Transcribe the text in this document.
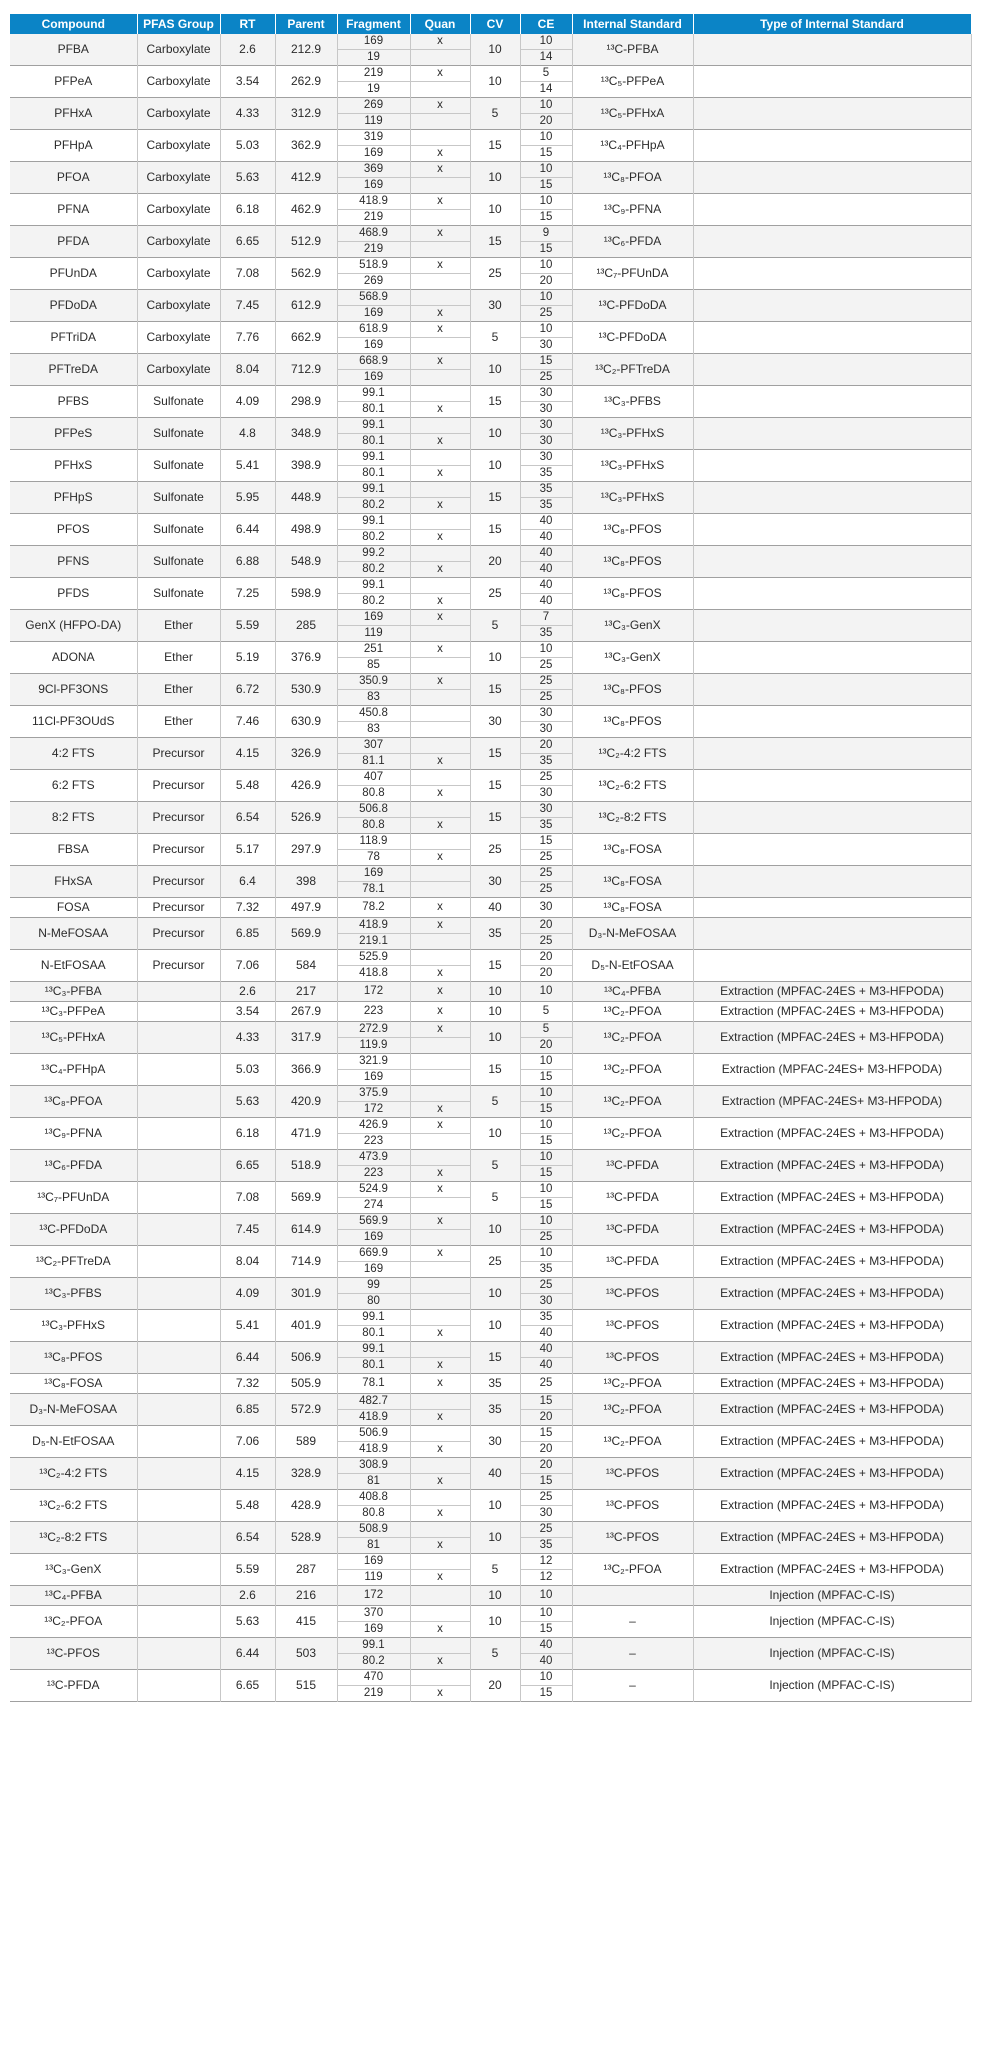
Compound	PFAS Group	RT	Parent	Fragment	Quan	CV	CE	Internal Standard	Type of Internal Standard
PFBA	Carboxylate	2.6	212.9	169	x	10	10	¹³C-PFBA	
				19			14		
PFPeA	Carboxylate	3.54	262.9	219	x	10	5	¹³C₅-PFPeA	
				19			14		
PFHxA	Carboxylate	4.33	312.9	269	x	5	10	¹³C₅-PFHxA	
				119			20		
PFHpA	Carboxylate	5.03	362.9	319		15	10	¹³C₄-PFHpA	
				169	x		15		
PFOA	Carboxylate	5.63	412.9	369	x	10	10	¹³C₈-PFOA	
				169			15		
PFNA	Carboxylate	6.18	462.9	418.9	x	10	10	¹³C₉-PFNA	
				219			15		
PFDA	Carboxylate	6.65	512.9	468.9	x	15	9	¹³C₆-PFDA	
				219			15		
PFUnDA	Carboxylate	7.08	562.9	518.9	x	25	10	¹³C₇-PFUnDA	
				269			20		
PFDoDA	Carboxylate	7.45	612.9	568.9		30	10	¹³C-PFDoDA	
				169	x		25		
PFTriDA	Carboxylate	7.76	662.9	618.9	x	5	10	¹³C-PFDoDA	
				169			30		
PFTreDA	Carboxylate	8.04	712.9	668.9	x	10	15	¹³C₂-PFTreDA	
				169			25		
PFBS	Sulfonate	4.09	298.9	99.1		15	30	¹³C₃-PFBS	
				80.1	x		30		
PFPeS	Sulfonate	4.8	348.9	99.1		10	30	¹³C₃-PFHxS	
				80.1	x		30		
PFHxS	Sulfonate	5.41	398.9	99.1		10	30	¹³C₃-PFHxS	
				80.1	x		35		
PFHpS	Sulfonate	5.95	448.9	99.1		15	35	¹³C₃-PFHxS	
				80.2	x		35		
PFOS	Sulfonate	6.44	498.9	99.1		15	40	¹³C₈-PFOS	
				80.2	x		40		
PFNS	Sulfonate	6.88	548.9	99.2		20	40	¹³C₈-PFOS	
				80.2	x		40		
PFDS	Sulfonate	7.25	598.9	99.1		25	40	¹³C₈-PFOS	
				80.2	x		40		
GenX (HFPO-DA)	Ether	5.59	285	169	x	5	7	¹³C₃-GenX	
				119			35		
ADONA	Ether	5.19	376.9	251	x	10	10	¹³C₃-GenX	
				85			25		
9Cl-PF3ONS	Ether	6.72	530.9	350.9	x	15	25	¹³C₈-PFOS	
				83			25		
11Cl-PF3OUdS	Ether	7.46	630.9	450.8		30	30	¹³C₈-PFOS	
				83			30		
4:2 FTS	Precursor	4.15	326.9	307		15	20	¹³C₂-4:2 FTS	
				81.1	x		35		
6:2 FTS	Precursor	5.48	426.9	407		15	25	¹³C₂-6:2 FTS	
				80.8	x		30		
8:2 FTS	Precursor	6.54	526.9	506.8		15	30	¹³C₂-8:2 FTS	
				80.8	x		35		
FBSA	Precursor	5.17	297.9	118.9		25	15	¹³C₈-FOSA	
				78	x		25		
FHxSA	Precursor	6.4	398	169		30	25	¹³C₈-FOSA	
				78.1			25		
FOSA	Precursor	7.32	497.9	78.2	x	40	30	¹³C₈-FOSA	
N-MeFOSAA	Precursor	6.85	569.9	418.9	x	35	20	D₃-N-MeFOSAA	
				219.1			25		
N-EtFOSAA	Precursor	7.06	584	525.9		15	20	D₅-N-EtFOSAA	
				418.8	x		20		
¹³C₃-PFBA		2.6	217	172	x	10	10	¹³C₄-PFBA	Extraction (MPFAC-24ES + M3-HFPODA)
¹³C₃-PFPeA		3.54	267.9	223	x	10	5	¹³C₂-PFOA	Extraction (MPFAC-24ES + M3-HFPODA)
¹³C₅-PFHxA		4.33	317.9	272.9	x	10	5	¹³C₂-PFOA	Extraction (MPFAC-24ES + M3-HFPODA)
				119.9			20		
¹³C₄-PFHpA		5.03	366.9	321.9		15	10	¹³C₂-PFOA	Extraction (MPFAC-24ES+ M3-HFPODA)
				169			15		
¹³C₈-PFOA		5.63	420.9	375.9		5	10	¹³C₂-PFOA	Extraction (MPFAC-24ES+ M3-HFPODA)
				172	x		15		
¹³C₉-PFNA		6.18	471.9	426.9	x	10	10	¹³C₂-PFOA	Extraction (MPFAC-24ES + M3-HFPODA)
				223			15		
¹³C₆-PFDA		6.65	518.9	473.9		5	10	¹³C-PFDA	Extraction (MPFAC-24ES + M3-HFPODA)
				223	x		15		
¹³C₇-PFUnDA		7.08	569.9	524.9	x	5	10	¹³C-PFDA	Extraction (MPFAC-24ES + M3-HFPODA)
				274			15		
¹³C-PFDoDA		7.45	614.9	569.9	x	10	10	¹³C-PFDA	Extraction (MPFAC-24ES + M3-HFPODA)
				169			25		
¹³C₂-PFTreDA		8.04	714.9	669.9	x	25	10	¹³C-PFDA	Extraction (MPFAC-24ES + M3-HFPODA)
				169			35		
¹³C₃-PFBS		4.09	301.9	99		10	25	¹³C-PFOS	Extraction (MPFAC-24ES + M3-HFPODA)
				80			30		
¹³C₃-PFHxS		5.41	401.9	99.1		10	35	¹³C-PFOS	Extraction (MPFAC-24ES + M3-HFPODA)
				80.1	x		40		
¹³C₈-PFOS		6.44	506.9	99.1		15	40	¹³C-PFOS	Extraction (MPFAC-24ES + M3-HFPODA)
				80.1	x		40		
¹³C₈-FOSA		7.32	505.9	78.1	x	35	25	¹³C₂-PFOA	Extraction (MPFAC-24ES + M3-HFPODA)
D₃-N-MeFOSAA		6.85	572.9	482.7		35	15	¹³C₂-PFOA	Extraction (MPFAC-24ES + M3-HFPODA)
				418.9	x		20		
D₅-N-EtFOSAA		7.06	589	506.9		30	15	¹³C₂-PFOA	Extraction (MPFAC-24ES + M3-HFPODA)
				418.9	x		20		
¹³C₂-4:2 FTS		4.15	328.9	308.9		40	20	¹³C-PFOS	Extraction (MPFAC-24ES + M3-HFPODA)
				81	x		15		
¹³C₂-6:2 FTS		5.48	428.9	408.8		10	25	¹³C-PFOS	Extraction (MPFAC-24ES + M3-HFPODA)
				80.8	x		30		
¹³C₂-8:2 FTS		6.54	528.9	508.9		10	25	¹³C-PFOS	Extraction (MPFAC-24ES + M3-HFPODA)
				81	x		35		
¹³C₃-GenX		5.59	287	169		5	12	¹³C₂-PFOA	Extraction (MPFAC-24ES + M3-HFPODA)
				119	x		12		
¹³C₄-PFBA		2.6	216	172		10	10		Injection (MPFAC-C-IS)
¹³C₂-PFOA		5.63	415	370		10	10	–	Injection (MPFAC-C-IS)
				169	x		15		
¹³C-PFOS		6.44	503	99.1		5	40	–	Injection (MPFAC-C-IS)
				80.2	x		40		
¹³C-PFDA		6.65	515	470		20	10	–	Injection (MPFAC-C-IS)
				219	x		15		
